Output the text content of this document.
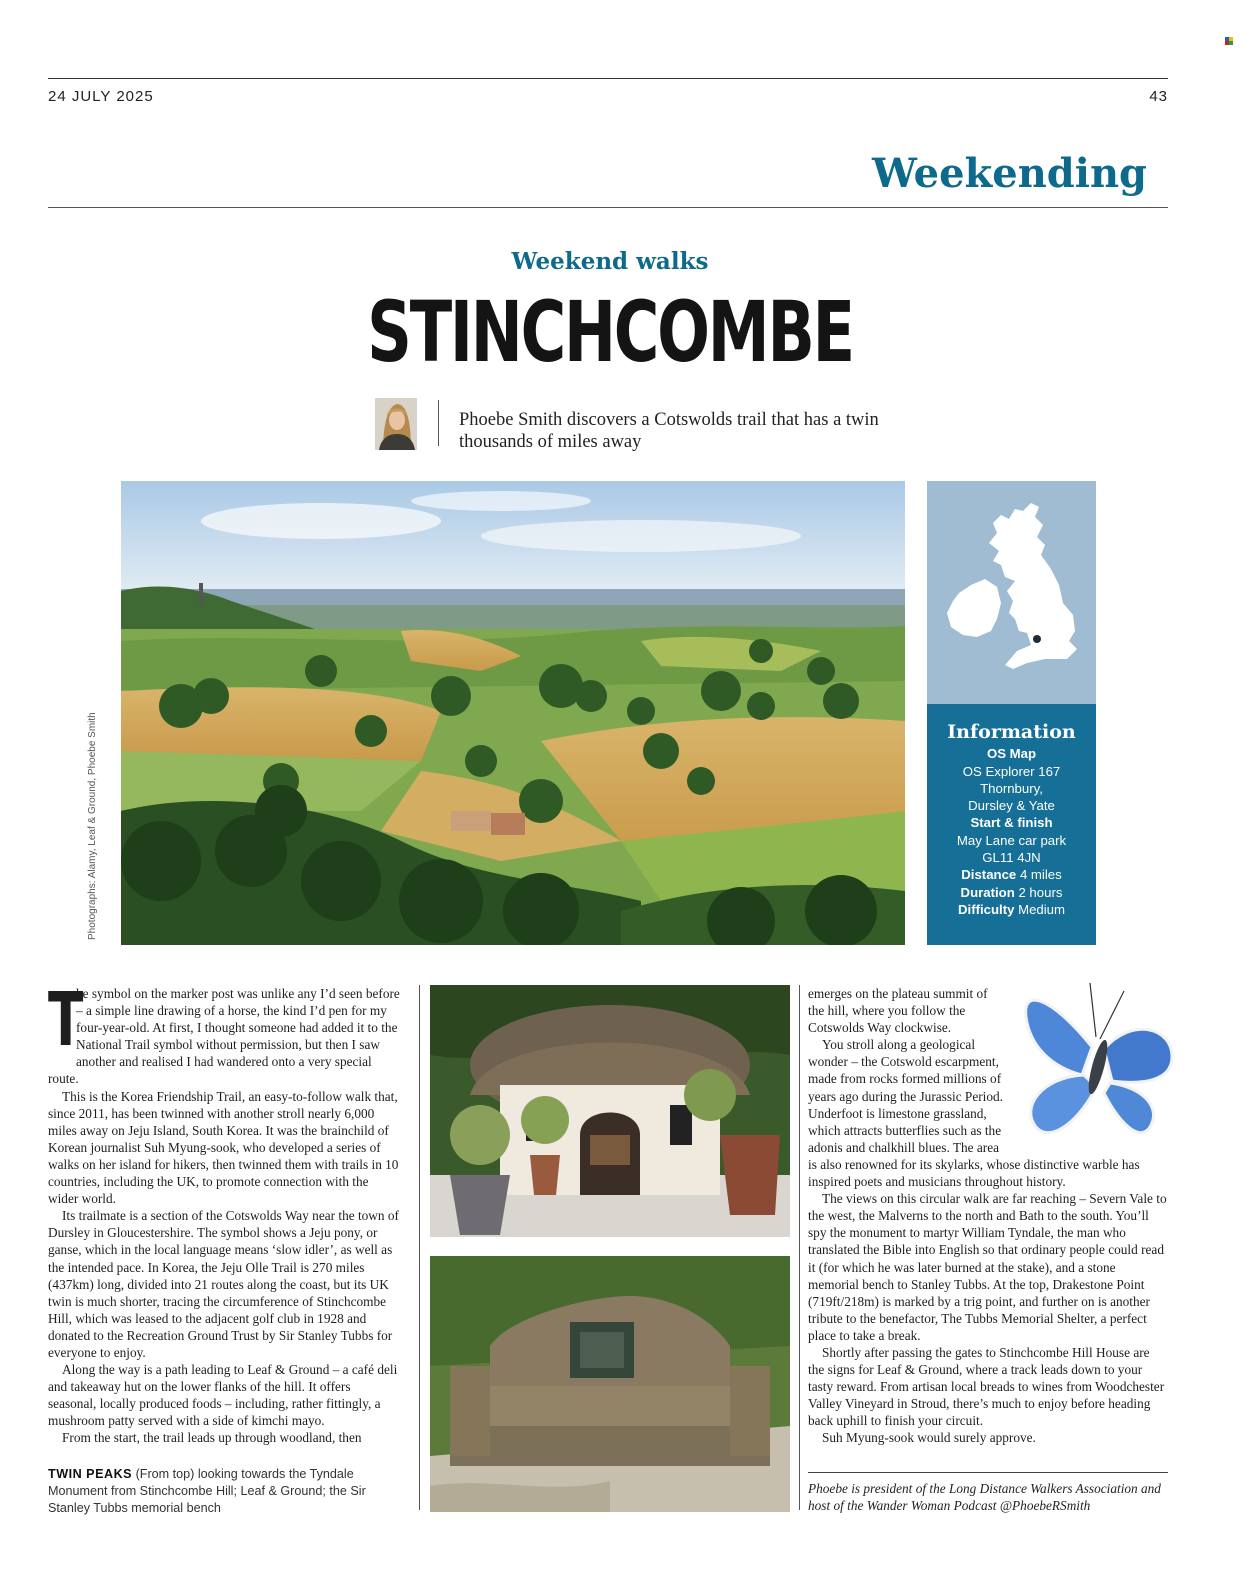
24 JULY 2025	43
Weekending
Weekend walks
STINCHCOMBE
Phoebe Smith discovers a Cotswolds trail that has a twin thousands of miles away
Photographs: Alamy, Leaf & Ground, Phoebe Smith	Information
OS Map
OS Explorer 167
Thornbury,
Dursley & Yate
Start & finish
May Lane car park
GL11 4JN
Distance 4 miles
Duration 2 hours
Difficulty Medium
T

he symbol on the marker post was unlike any I’d seen before – a simple line drawing of a horse, the kind I’d pen for my four-year-old. At first, I thought someone had added it to the National Trail symbol without permission, but then I saw another and realised I had wandered onto a very special route.

This is the Korea Friendship Trail, an easy-to-follow walk that, since 2011, has been twinned with another stroll nearly 6,000 miles away on Jeju Island, South Korea. It was the brainchild of Korean journalist Suh Myung-sook, who developed a series of walks on her island for hikers, then twinned them with trails in 10 countries, including the UK, to promote connection with the wider world.

Its trailmate is a section of the Cotswolds Way near the town of Dursley in Gloucestershire. The symbol shows a Jeju pony, or ganse, which in the local language means ‘slow idler’, as well as the intended pace. In Korea, the Jeju Olle Trail is 270 miles (437km) long, divided into 21 routes along the coast, but its UK twin is much shorter, tracing the circumference of Stinchcombe Hill, which was leased to the adjacent golf club in 1928 and donated to the Recreation Ground Trust by Sir Stanley Tubbs for everyone to enjoy.

Along the way is a path leading to Leaf & Ground – a café deli and takeaway hut on the lower flanks of the hill. It offers seasonal, locally produced foods – including, rather fittingly, a mushroom patty served with a side of kimchi mayo.

From the start, the trail leads up through woodland, then

TWIN PEAKS (From top) looking towards the Tyndale Monument from Stinchcombe Hill; Leaf & Ground; the Sir Stanley Tubbs memorial bench

emerges on the plateau summit of the hill, where you follow the Cotswolds Way clockwise.

You stroll along a geological wonder – the Cotswold escarpment, made from rocks formed millions of years ago during the Jurassic Period. Underfoot is limestone grassland, which attracts butterflies such as the adonis and chalkhill blues. The area is also renowned for its skylarks, whose distinctive warble has inspired poets and musicians throughout history.

The views on this circular walk are far reaching – Severn Vale to the west, the Malverns to the north and Bath to the south. You’ll spy the monument to martyr William Tyndale, the man who translated the Bible into English so that ordinary people could read it (for which he was later burned at the stake), and a stone memorial bench to Stanley Tubbs. At the top, Drakestone Point (719ft/218m) is marked by a trig point, and further on is another tribute to the benefactor, The Tubbs Memorial Shelter, a perfect place to take a break.

Shortly after passing the gates to Stinchcombe Hill House are the signs for Leaf & Ground, where a track leads down to your tasty reward. From artisan local breads to wines from Woodchester Valley Vineyard in Stroud, there’s much to enjoy before heading back uphill to finish your circuit.

Suh Myung-sook would surely approve.

Phoebe is president of the Long Distance Walkers Association and host of the Wander Woman Podcast @PhoebeRSmith
